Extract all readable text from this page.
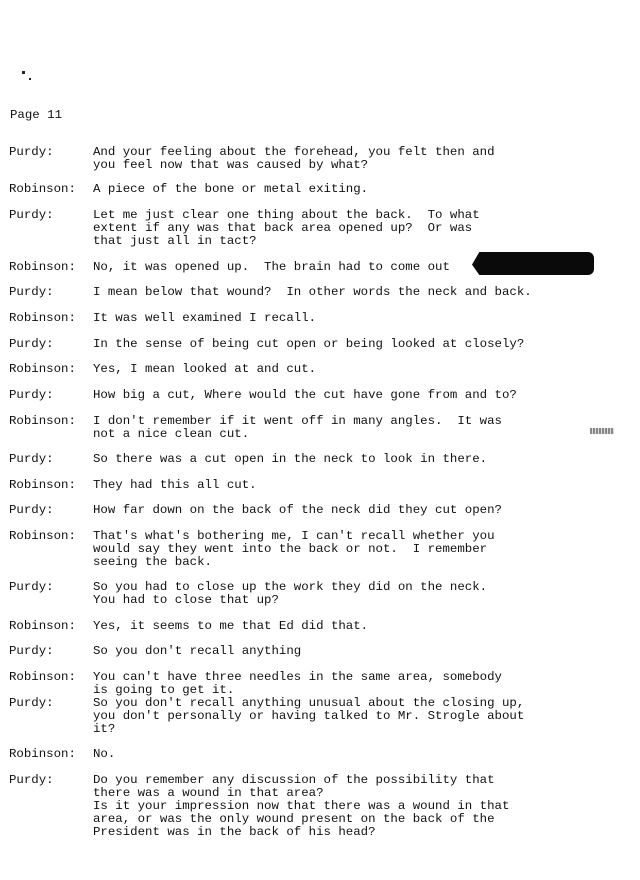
Page 11
Purdy:	And your feeling about the forehead, you felt then and
you feel now that was caused by what?
Robinson: A piece of the bone or metal exiting.
Purdy:	Let me just clear one thing about the back.  To what
extent if any was that back area opened up?  Or was
that just all in tact?
Robinson: No, it was opened up.  The brain had to come out
Purdy:	I mean below that wound?  In other words the neck and back.
Robinson: It was well examined I recall.
Purdy:	In the sense of being cut open or being looked at closely?
Robinson: Yes, I mean looked at and cut.
Purdy:	How big a cut, Where would the cut have gone from and to?
Robinson: I don't remember if it went off in many angles.  It was
not a nice clean cut.
Purdy:	So there was a cut open in the neck to look in there.
Robinson: They had this all cut.
Purdy:	How far down on the back of the neck did they cut open?
Robinson: That's what's bothering me, I can't recall whether you
would say they went into the back or not.  I remember
seeing the back.
Purdy:	So you had to close up the work they did on the neck.
You had to close that up?
Robinson: Yes, it seems to me that Ed did that.
Purdy:	So you don't recall anything
Robinson: You can't have three needles in the same area, somebody
is going to get it.
Purdy:	So you don't recall anything unusual about the closing up,
you don't personally or having talked to Mr. Strogle about
it?
Robinson: No.
Purdy:	Do you remember any discussion of the possibility that
there was a wound in that area?
Is it your impression now that there was a wound in that
area, or was the only wound present on the back of the
President was in the back of his head?
